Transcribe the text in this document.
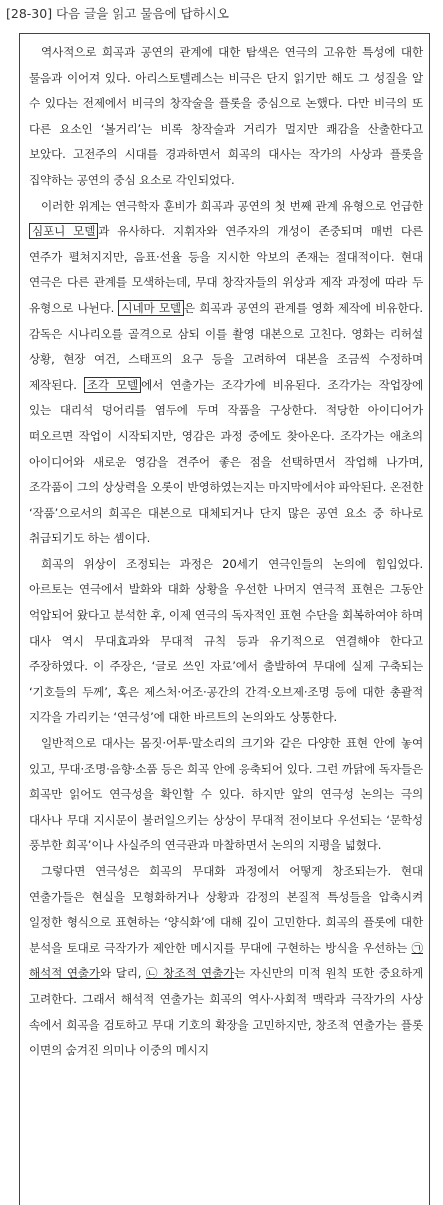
[28-30] 다음 글을 읽고 물음에 답하시오

역사적으로 희곡과 공연의 관계에 대한 탐색은 연극의 고유한 특성에 대한 물음과 이어져 있다. 아리스토텔레스는 비극은 단지 읽기만 해도 그 성질을 알 수 있다는 전제에서 비극의 창작술을 플롯을 중심으로 논했다. 다만 비극의 또 다른 요소인 ‘볼거리’는 비록 창작술과 거리가 멀지만 쾌감을 산출한다고 보았다. 고전주의 시대를 경과하면서 희곡의 대사는 작가의 사상과 플롯을 집약하는 공연의 중심 요소로 각인되었다.

이러한 위계는 연극학자 훈비가 희곡과 공연의 첫 번째 관계 유형으로 언급한 심포니 모델 과 유사하다. 지휘자와 연주자의 개성이 존중되며 매번 다른 연주가 펼쳐지지만, 음표·선율 등을 지시한 악보의 존재는 절대적이다. 현대 연극은 다른 관계를 모색하는데, 무대 창작자들의 위상과 제작 과정에 따라 두 유형으로 나뉜다. 시네마 모델 은 희곡과 공연의 관계를 영화 제작에 비유한다. 감독은 시나리오를 골격으로 삼되 이를 촬영 대본으로 고친다. 영화는 리허설 상황, 현장 여건, 스태프의 요구 등을 고려하여 대본을 조금씩 수정하며 제작된다. 조각 모델 에서 연출가는 조각가에 비유된다. 조각가는 작업장에 있는 대리석 덩어리를 염두에 두며 작품을 구상한다. 적당한 아이디어가 떠오르면 작업이 시작되지만, 영감은 과정 중에도 찾아온다. 조각가는 애초의 아이디어와 새로운 영감을 견주어 좋은 점을 선택하면서 작업해 나가며, 조각품이 그의 상상력을 오롯이 반영하였는지는 마지막에서야 파악된다. 온전한 ‘작품’으로서의 희곡은 대본으로 대체되거나 단지 많은 공연 요소 중 하나로 취급되기도 하는 셈이다.

희곡의 위상이 조정되는 과정은 20세기 연극인들의 논의에 힘입었다. 아르토는 연극에서 발화와 대화 상황을 우선한 나머지 연극적 표현은 그동안 억압되어 왔다고 분석한 후, 이제 연극의 독자적인 표현 수단을 회복하여야 하며 대사 역시 무대효과와 무대적 규칙 등과 유기적으로 연결해야 한다고 주장하였다. 이 주장은, ‘글로 쓰인 자료’에서 출발하여 무대에 실제 구축되는 ‘기호들의 두께’, 혹은 제스처·어조·공간의 간격·오브제·조명 등에 대한 총괄적 지각을 가리키는 ‘연극성’에 대한 바르트의 논의와도 상통한다.

일반적으로 대사는 몸짓·어투·말소리의 크기와 같은 다양한 표현 안에 놓여 있고, 무대·조명·음향·소품 등은 희곡 안에 응축되어 있다. 그런 까닭에 독자들은 희곡만 읽어도 연극성을 확인할 수 있다. 하지만 앞의 연극성 논의는 극의 대사나 무대 지시문이 불러일으키는 상상이 무대적 전이보다 우선되는 ‘문학성 풍부한 희곡’이나 사실주의 연극관과 마찰하면서 논의의 지평을 넓혔다.

그렇다면 연극성은 희곡의 무대화 과정에서 어떻게 창조되는가. 현대 연출가들은 현실을 모형화하거나 상황과 감정의 본질적 특성들을 압축시켜 일정한 형식으로 표현하는 ‘양식화’에 대해 깊이 고민한다. 희곡의 플롯에 대한 분석을 토대로 극작가가 제안한 메시지를 무대에 구현하는 방식을 우선하는 ㉠ 해석적 연출가와 달리, ㉡ 창조적 연출가는 자신만의 미적 원칙 또한 중요하게 고려한다. 그래서 해석적 연출가는 희곡의 역사·사회적 맥락과 극작가의 사상 속에서 희곡을 검토하고 무대 기호의 확장을 고민하지만, 창조적 연출가는 플롯 이면의 숨겨진 의미나 이중의 메시지
